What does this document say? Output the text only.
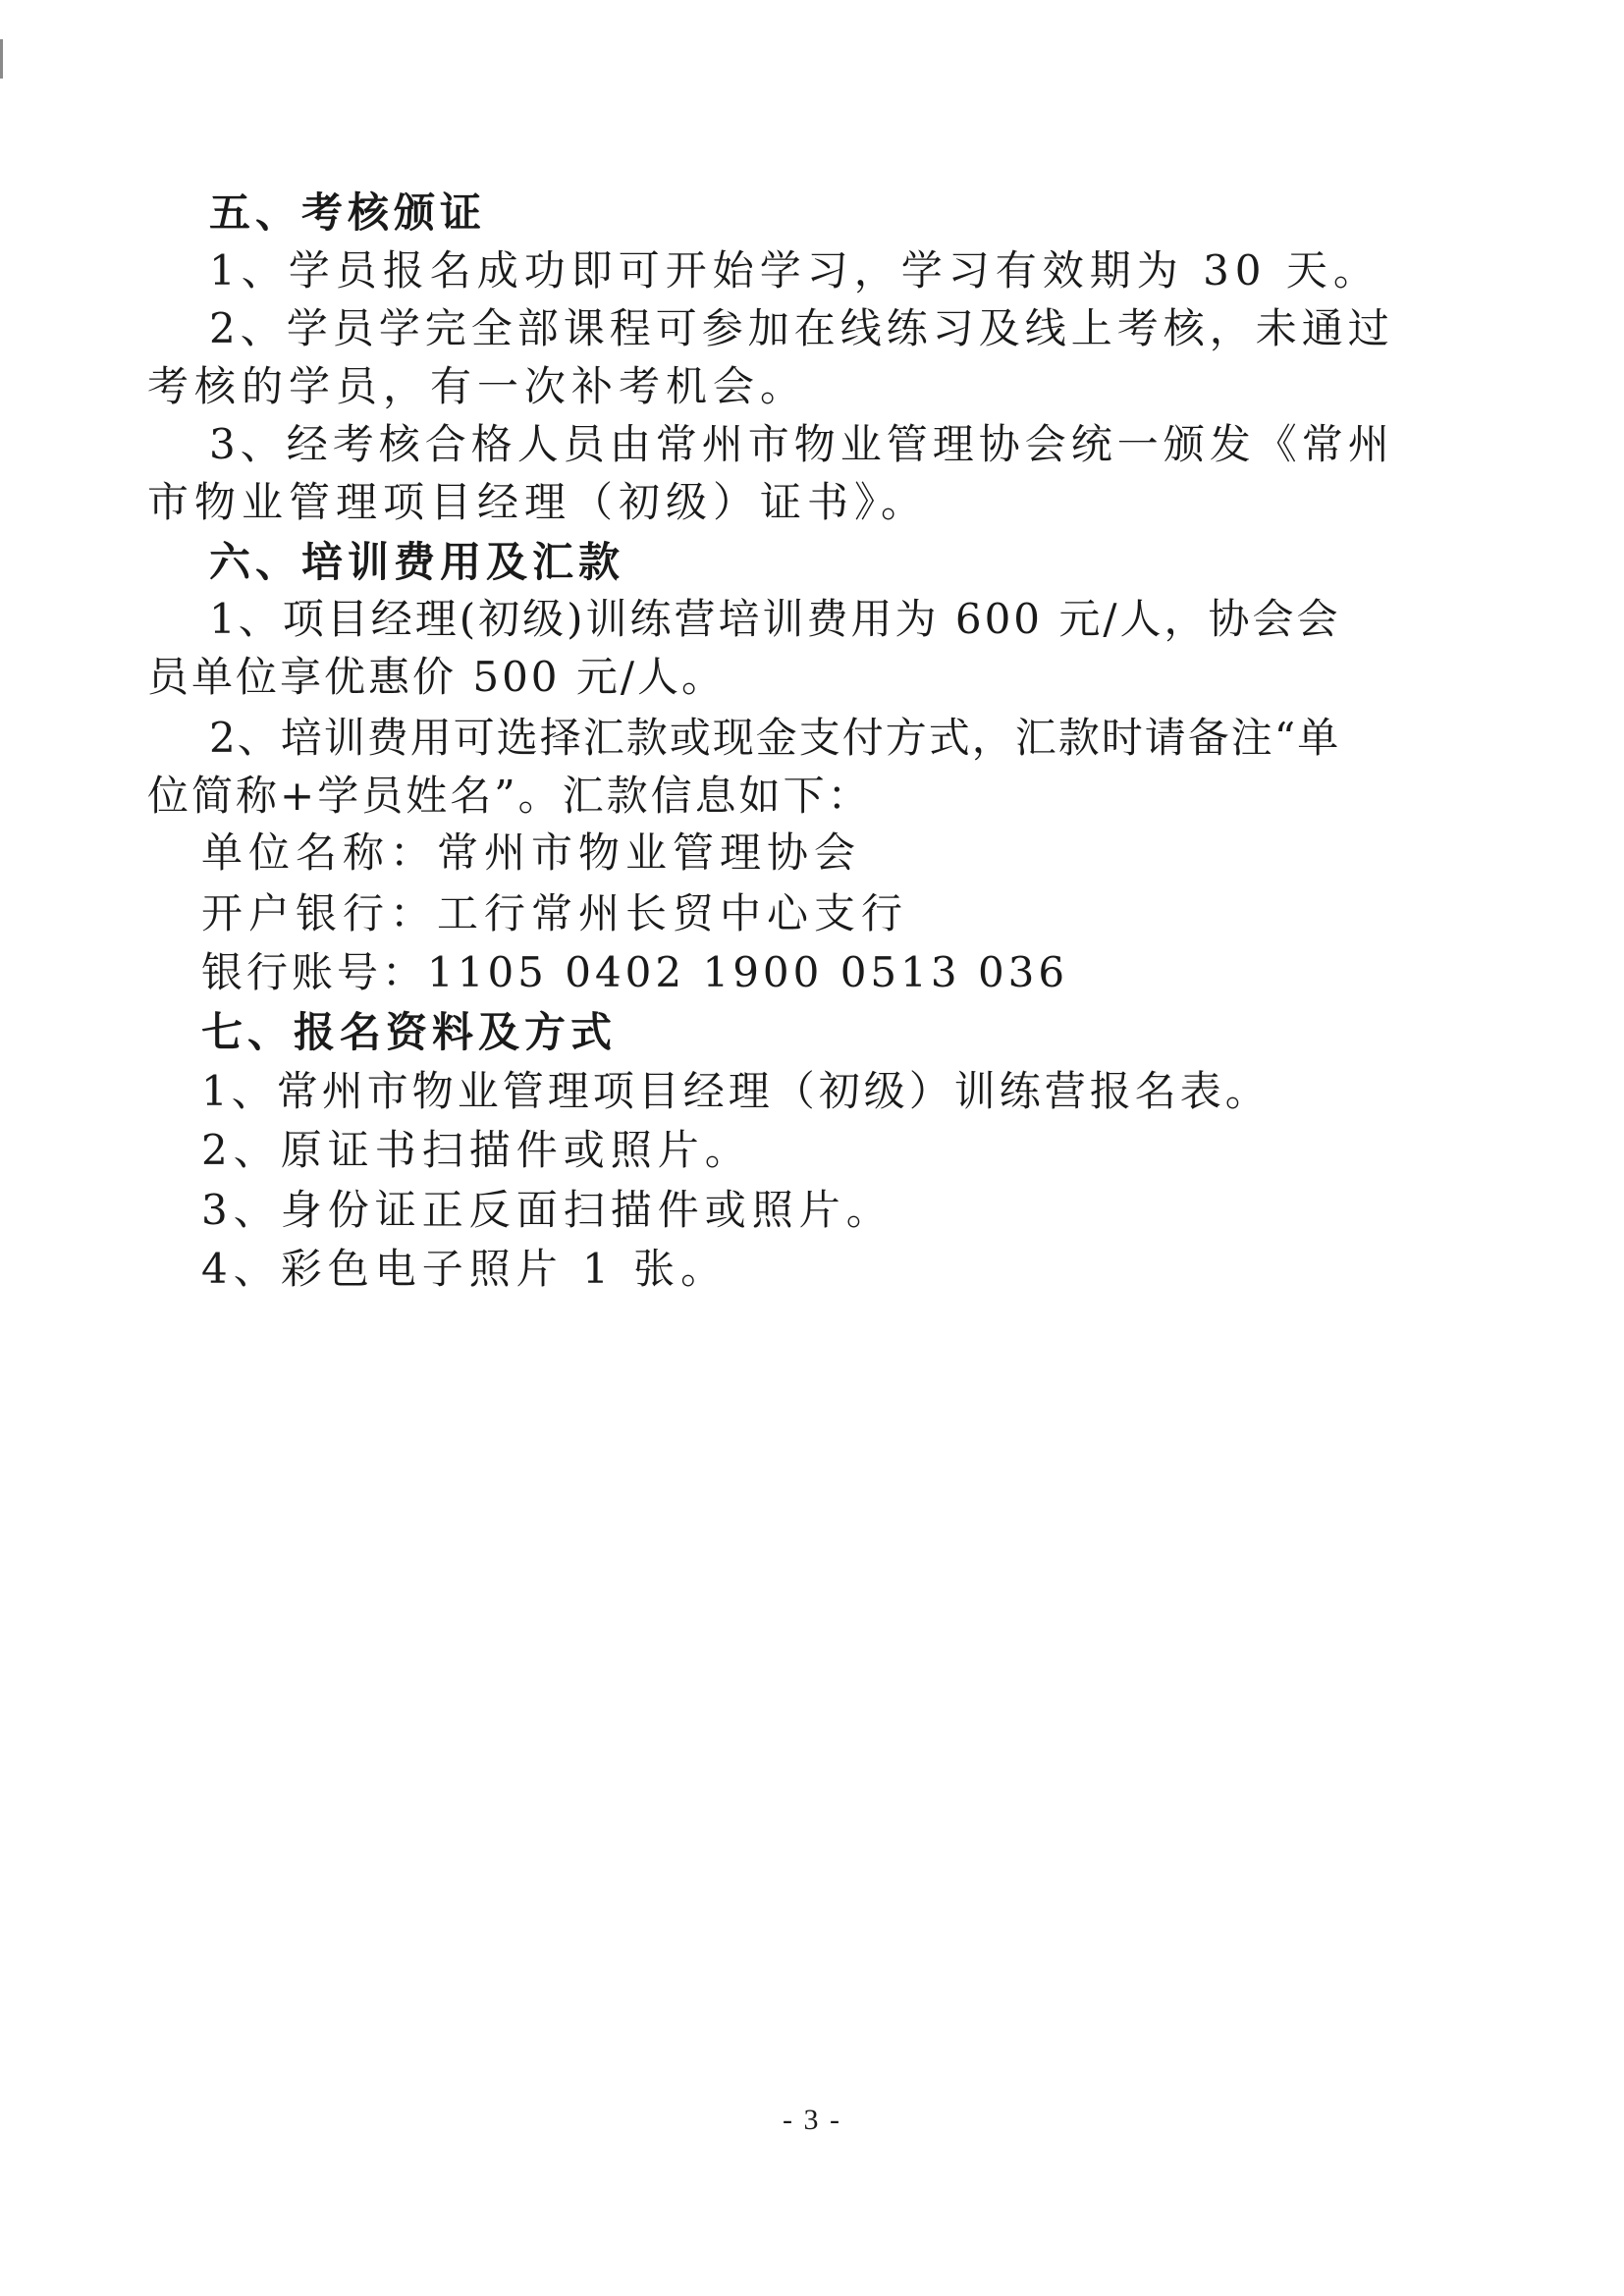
五、考核颁证
1、学员报名成功即可开始学习，学习有效期为 30 天。
2、学员学完全部课程可参加在线练习及线上考核，未通过
考核的学员，有一次补考机会。
3、经考核合格人员由常州市物业管理协会统一颁发《常州
市物业管理项目经理（初级）证书》。
六、培训费用及汇款
1、项目经理(初级)训练营培训费用为 600 元/人，协会会
员单位享优惠价 500 元/人。
2、培训费用可选择汇款或现金支付方式，汇款时请备注“单
位简称+学员姓名”。汇款信息如下：
单位名称：常州市物业管理协会
开户银行：工行常州长贸中心支行
银行账号：1105 0402 1900 0513 036
七、报名资料及方式
1、常州市物业管理项目经理（初级）训练营报名表。
2、原证书扫描件或照片。
3、身份证正反面扫描件或照片。
4、彩色电子照片 1 张。
- 3 -
